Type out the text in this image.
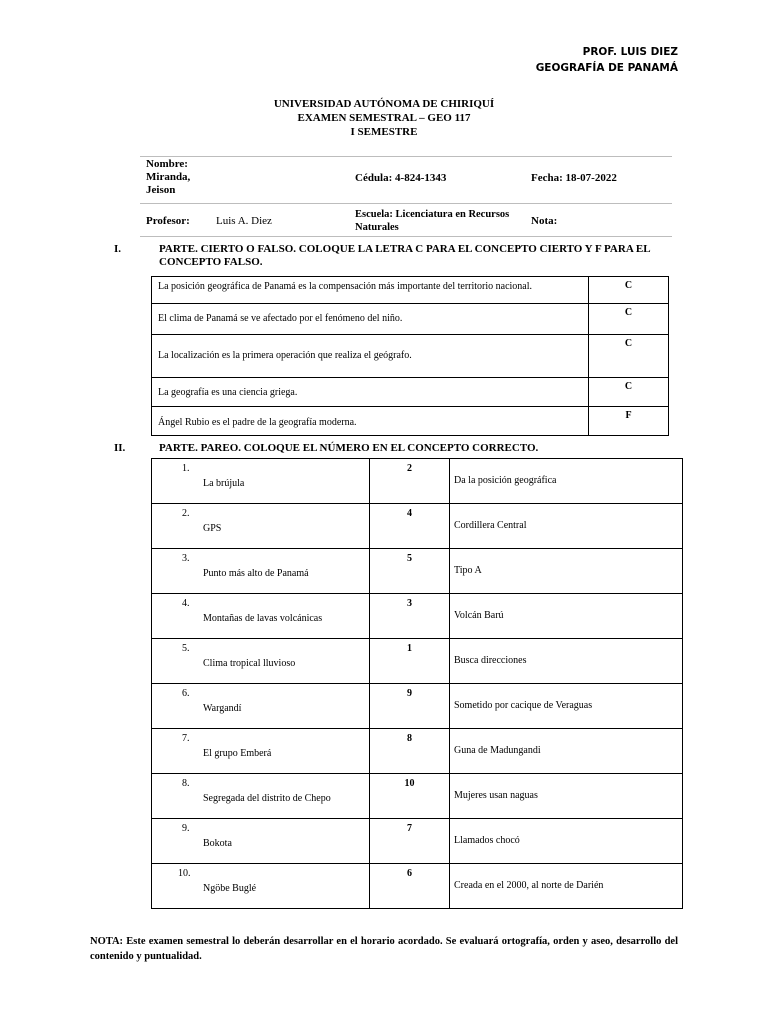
PROF. LUIS DIEZ
GEOGRAFÍA DE PANAMÁ
UNIVERSIDAD AUTÓNOMA DE CHIRIQUÍ
EXAMEN SEMESTRAL – GEO 117
I SEMESTRE
Nombre:
Miranda,
Jeison
Cédula: 4-824-1343	Fecha: 18-07-2022
Profesor: Luis A. Diez
Escuela: Licenciatura en Recursos
Naturales
Nota:
I.	PARTE. CIERTO O FALSO. COLOQUE LA LETRA C PARA EL CONCEPTO CIERTO Y F PARA EL
CONCEPTO FALSO.
La posición geográfica de Panamá es la compensación más importante del territorio nacional.	C
El clima de Panamá se ve afectado por el fenómeno del niño.	C
La localización es la primera operación que realiza el geógrafo.	C
La geografía es una ciencia griega.	C
Ángel Rubio es el padre de la geografía moderna.	F
II.	PARTE. PAREO. COLOQUE EL NÚMERO EN EL CONCEPTO CORRECTO.
1.
La brújula	2	Da la posición geográfica

2.
GPS	4	Cordillera Central

3.
Punto más alto de Panamá	5	Tipo A

4.
Montañas de lavas volcánicas	3	Volcán Barú

5.
Clima tropical lluvioso	1	Busca direcciones

6.
Wargandí	9	Sometido por cacique de Veraguas

7.
El grupo Emberá	8	Guna de Madungandi

8.
Segregada del distrito de Chepo	10	Mujeres usan naguas

9.
Bokota	7	Llamados chocó

10.
Ngöbe Buglé	6	Creada en el 2000, al norte de Darién
NOTA: Este examen semestral lo deberán desarrollar en el horario acordado. Se evaluará ortografía, orden y aseo, desarrollo del contenido y puntualidad.
